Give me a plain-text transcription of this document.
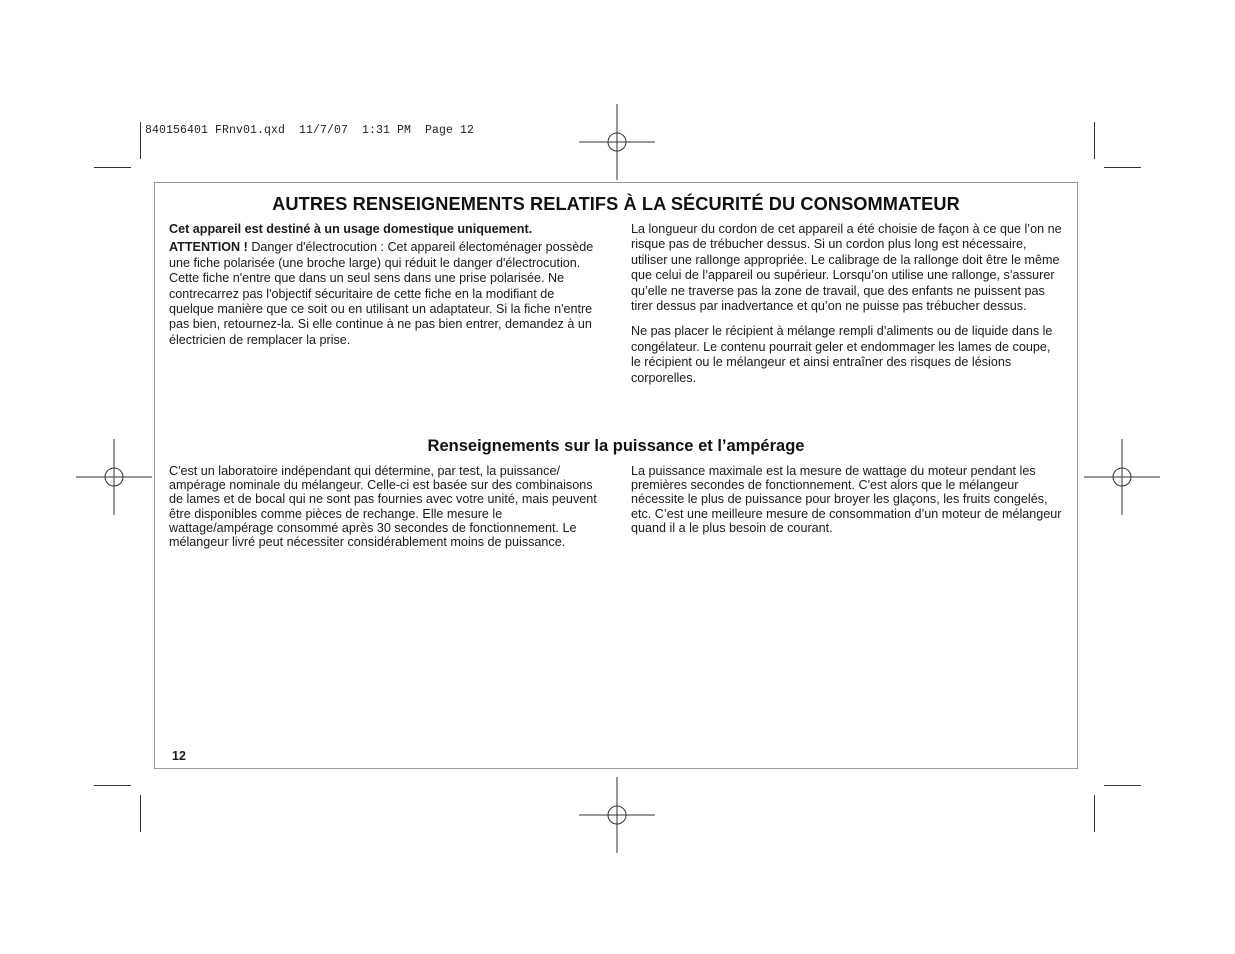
840156401 FRnv01.qxd  11/7/07  1:31 PM  Page 12
AUTRES RENSEIGNEMENTS RELATIFS À LA SÉCURITÉ DU CONSOMMATEUR

Cet appareil est destiné à un usage domestique uniquement.

ATTENTION ! Danger d'électrocution : Cet appareil électoménager possède une fiche polarisée (une broche large) qui réduit le danger d'électrocution. Cette fiche n'entre que dans un seul sens dans une prise polarisée. Ne contrecarrez pas l'objectif sécuritaire de cette fiche en la modifiant de quelque manière que ce soit ou en utilisant un adaptateur. Si la fiche n'entre pas bien, retournez-la. Si elle continue à ne pas bien entrer, demandez à un électricien de remplacer la prise.

La longueur du cordon de cet appareil a été choisie de façon à ce que l’on ne risque pas de trébucher dessus. Si un cordon plus long est nécessaire, utiliser une rallonge appropriée. Le calibrage de la rallonge doit être le même que celui de l’appareil ou supérieur. Lorsqu’on utilise une rallonge, s’assurer qu’elle ne traverse pas la zone de travail, que des enfants ne puissent pas tirer dessus par inadvertance et qu’on ne puisse pas trébucher dessus.

Ne pas placer le récipient à mélange rempli d’aliments ou de liquide dans le congélateur. Le contenu pourrait geler et endommager les lames de coupe, le récipient ou le mélangeur et ainsi entraîner des risques de lésions corporelles.

Renseignements sur la puissance et l’ampérage

C'est un laboratoire indépendant qui détermine, par test, la puissance/ ampérage nominale du mélangeur. Celle-ci est basée sur des combinaisons de lames et de bocal qui ne sont pas fournies avec votre unité, mais peuvent être disponibles comme pièces de rechange. Elle mesure le wattage/ampérage consommé après 30 secondes de fonctionnement. Le mélangeur livré peut nécessiter considérablement moins de puissance.

La puissance maximale est la mesure de wattage du moteur pendant les premières secondes de fonctionnement. C'est alors que le mélangeur nécessite le plus de puissance pour broyer les glaçons, les fruits congelés, etc. C’est une meilleure mesure de consommation d’un moteur de mélangeur quand il a le plus besoin de courant.

12
